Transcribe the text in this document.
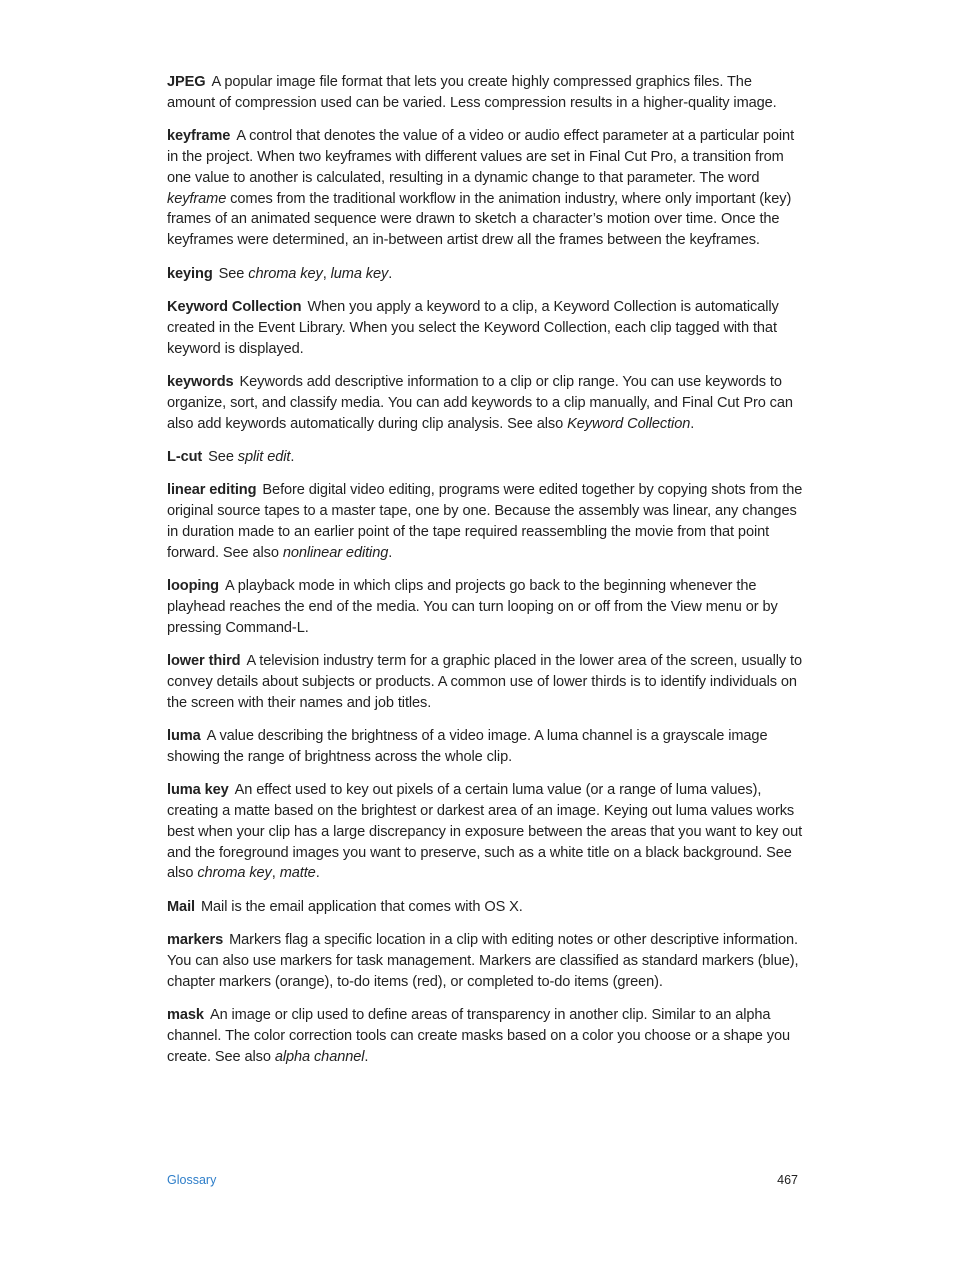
JPEG A popular image file format that lets you create highly compressed graphics files. The amount of compression used can be varied. Less compression results in a higher-quality image.

keyframe A control that denotes the value of a video or audio effect parameter at a particular point in the project. When two keyframes with different values are set in Final Cut Pro, a transition from one value to another is calculated, resulting in a dynamic change to that parameter. The word keyframe comes from the traditional workflow in the animation industry, where only important (key) frames of an animated sequence were drawn to sketch a character’s motion over time. Once the keyframes were determined, an in-between artist drew all the frames between the keyframes.

keying See chroma key, luma key.

Keyword Collection When you apply a keyword to a clip, a Keyword Collection is automatically created in the Event Library. When you select the Keyword Collection, each clip tagged with that keyword is displayed.

keywords Keywords add descriptive information to a clip or clip range. You can use keywords to organize, sort, and classify media. You can add keywords to a clip manually, and Final Cut Pro can also add keywords automatically during clip analysis. See also Keyword Collection.

L-cut See split edit.

linear editing Before digital video editing, programs were edited together by copying shots from the original source tapes to a master tape, one by one. Because the assembly was linear, any changes in duration made to an earlier point of the tape required reassembling the movie from that point forward. See also nonlinear editing.

looping A playback mode in which clips and projects go back to the beginning whenever the playhead reaches the end of the media. You can turn looping on or off from the View menu or by pressing Command-L.

lower third A television industry term for a graphic placed in the lower area of the screen, usually to convey details about subjects or products. A common use of lower thirds is to identify individuals on the screen with their names and job titles.

luma A value describing the brightness of a video image. A luma channel is a grayscale image showing the range of brightness across the whole clip.

luma key An effect used to key out pixels of a certain luma value (or a range of luma values), creating a matte based on the brightest or darkest area of an image. Keying out luma values works best when your clip has a large discrepancy in exposure between the areas that you want to key out and the foreground images you want to preserve, such as a white title on a black background. See also chroma key, matte.

Mail Mail is the email application that comes with OS X.

markers Markers flag a specific location in a clip with editing notes or other descriptive information. You can also use markers for task management. Markers are classified as standard markers (blue), chapter markers (orange), to-do items (red), or completed to-do items (green).

mask An image or clip used to define areas of transparency in another clip. Similar to an alpha channel. The color correction tools can create masks based on a color you choose or a shape you create. See also alpha channel.

Glossary	467
